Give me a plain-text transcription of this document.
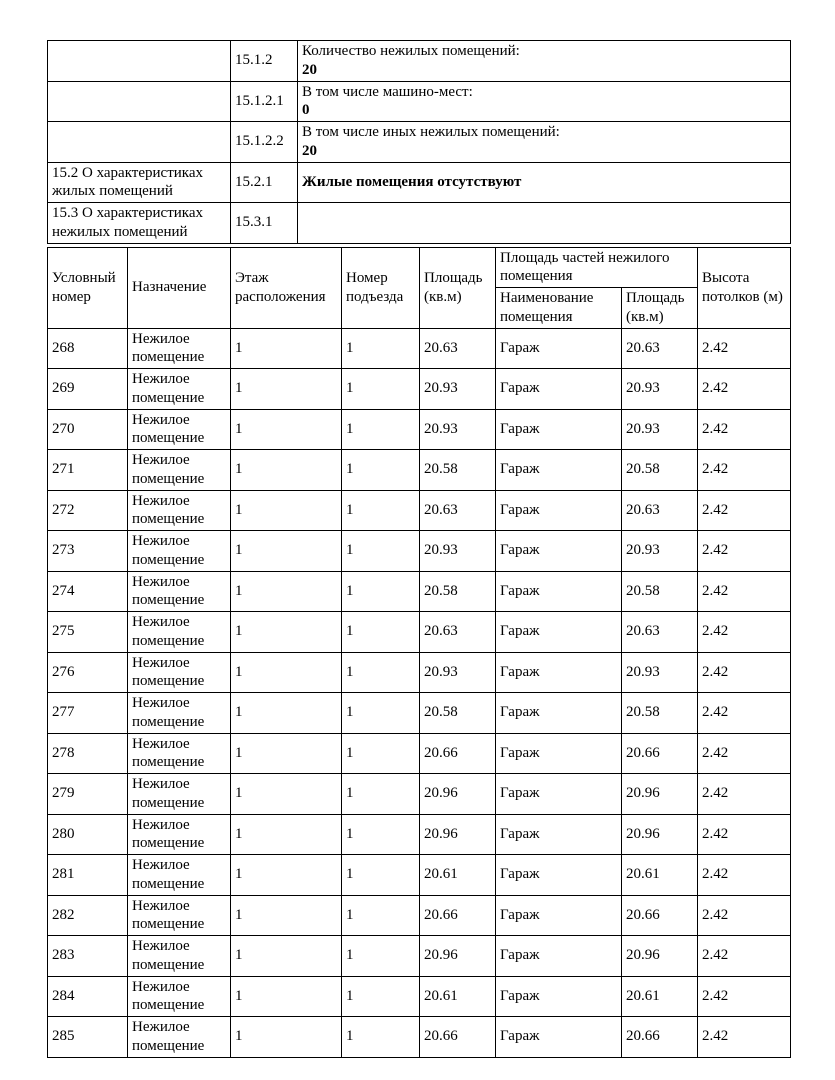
	15.1.2	Количество нежилых помещений:
20

	15.1.2.1	В том числе машино-мест:
0

	15.1.2.2	В том числе иных нежилых помещений:
20

15.2 О характеристиках жилых помещений	15.2.1	Жилые помещения отсутствуют
15.3 О характеристиках нежилых помещений	15.3.1	
Условный номер	Назначение	Этаж расположения	Номер подъезда	Площадь (кв.м)	Площадь частей нежилого помещения		Высота потолков (м)
					Наименование помещения	Площадь (кв.м)	
268	Нежилое помещение	1	1	20.63	Гараж	20.63	2.42
269	Нежилое помещение	1	1	20.93	Гараж	20.93	2.42
270	Нежилое помещение	1	1	20.93	Гараж	20.93	2.42
271	Нежилое помещение	1	1	20.58	Гараж	20.58	2.42
272	Нежилое помещение	1	1	20.63	Гараж	20.63	2.42
273	Нежилое помещение	1	1	20.93	Гараж	20.93	2.42
274	Нежилое помещение	1	1	20.58	Гараж	20.58	2.42
275	Нежилое помещение	1	1	20.63	Гараж	20.63	2.42
276	Нежилое помещение	1	1	20.93	Гараж	20.93	2.42
277	Нежилое помещение	1	1	20.58	Гараж	20.58	2.42
278	Нежилое помещение	1	1	20.66	Гараж	20.66	2.42
279	Нежилое помещение	1	1	20.96	Гараж	20.96	2.42
280	Нежилое помещение	1	1	20.96	Гараж	20.96	2.42
281	Нежилое помещение	1	1	20.61	Гараж	20.61	2.42
282	Нежилое помещение	1	1	20.66	Гараж	20.66	2.42
283	Нежилое помещение	1	1	20.96	Гараж	20.96	2.42
284	Нежилое помещение	1	1	20.61	Гараж	20.61	2.42
285	Нежилое помещение	1	1	20.66	Гараж	20.66	2.42
